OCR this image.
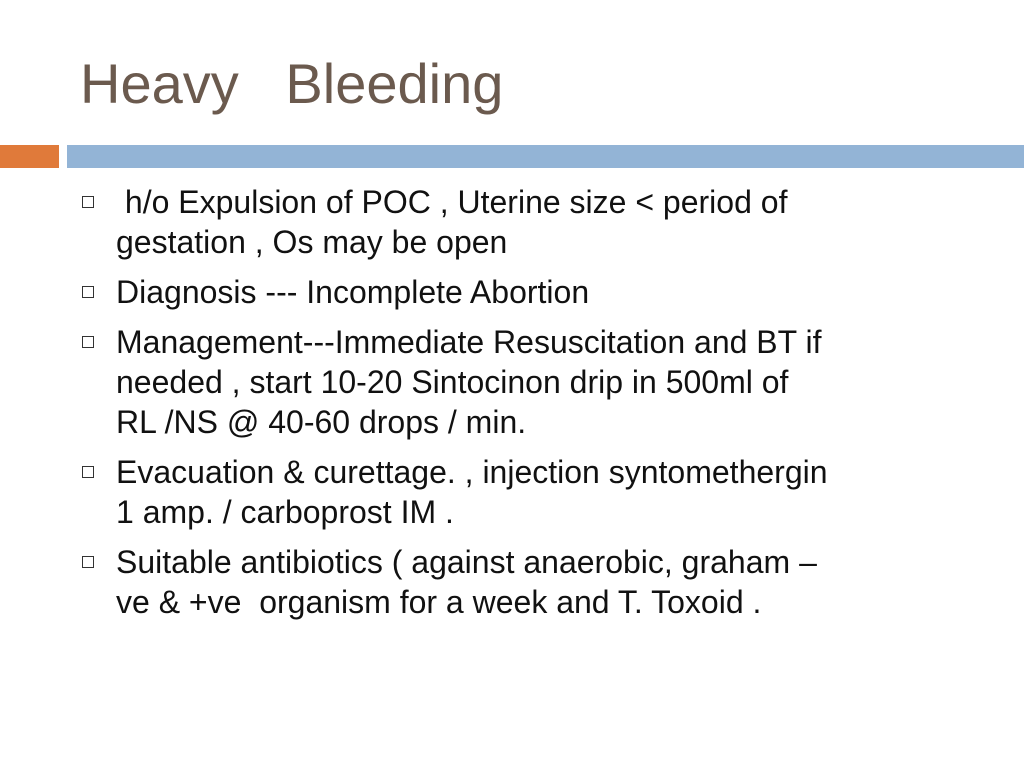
Heavy   Bleeding
h/o Expulsion of POC , Uterine size < period of
gestation , Os may be open
Diagnosis --- Incomplete Abortion
Management---Immediate Resuscitation and BT if
needed , start 10-20 Sintocinon drip in 500ml of
RL /NS @ 40-60 drops / min.
Evacuation & curettage. , injection syntomethergin
1 amp. / carboprost IM .
Suitable antibiotics ( against anaerobic, graham –
ve & +ve  organism for a week and T. Toxoid .
